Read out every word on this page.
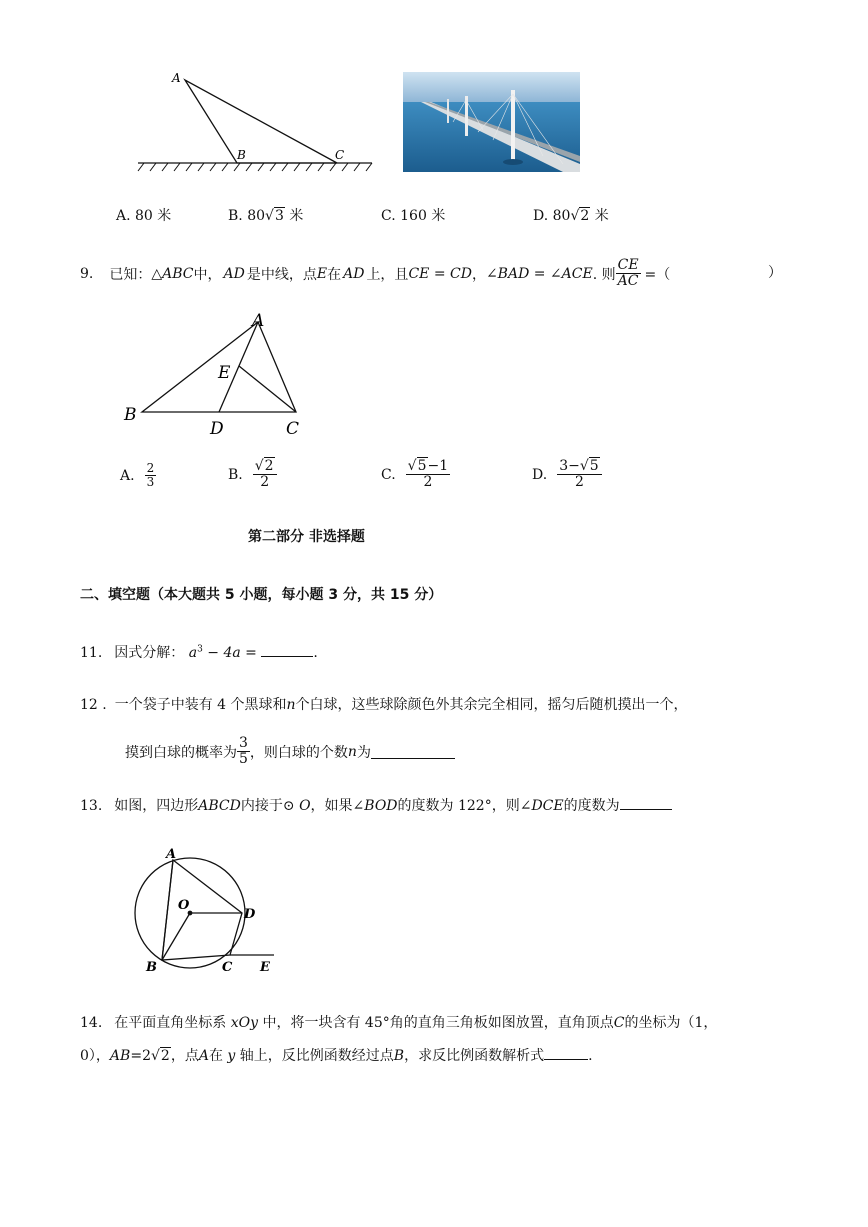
A
B	C
A. 80 米	B. 80√3 米	C. 160 米	D. 80√2 米
9. 已知： △ ABC 中， AD 是中线，点 E 在 AD 上，且 CE = CD ， ∠BAD = ∠ACE . 则 $\frac{CE}{AC}$ =（	）
A
E
B
D	C
A. $\frac{2}{3}$	B. $\frac{√2}{2}$	C. $\frac{√5-1}{2}$	D. $\frac{3-√5}{2}$
第二部分 非选择题
二、填空题（本大题共 5 小题，每小题 3 分，共 15 分）
11. 因式分解： $a^3 - 4a$ =	.
12 . 一个袋子中装有 4 个黑球和n个白球，这些球除颜色外其余完全相同，摇匀后随机摸出一个，
摸到白球的概率为 $\frac{3}{5}$ ，则白球的个数 n 为
13. 如图，四边形ABCD内接于⊙ O，如果∠BOD的度数为 122°，则∠DCE的度数为
A
O
D
B	C E
14. 在平面直角坐标系 xOy 中，将一块含有 45°角的直角三角板如图放置，直角顶点C的坐标为（1，
0），AB=2√2，点A在 y 轴上，反比例函数经过点B，求反比例函数解析式	.
